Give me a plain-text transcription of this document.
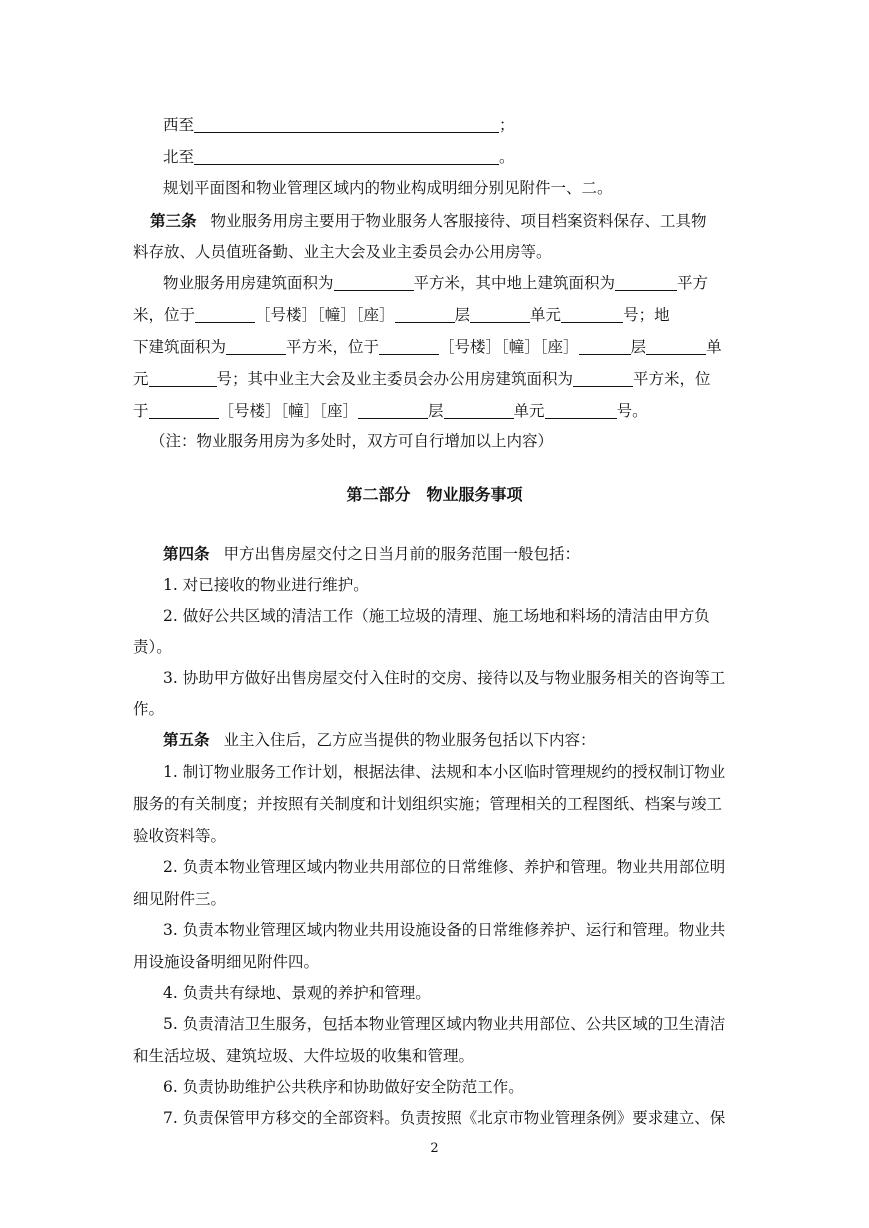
西至	；
北至	。
规划平面图和物业管理区域内的物业构成明细分别见附件一、二。
第三条 物业服务用房主要用于物业服务人客服接待、项目档案资料保存、工具物
料存放、人员值班备勤、业主大会及业主委员会办公用房等。
物业服务用房建筑面积为	平方米，其中地上建筑面积为	平方
米，位于	［号楼］［幢］［座］	层	单元	号；地
下建筑面积为	平方米，位于	［号楼］［幢］［座］	层	单
元	号；其中业主大会及业主委员会办公用房建筑面积为	平方米，位
于	［号楼］［幢］［座］	层	单元	号。
（注：物业服务用房为多处时，双方可自行增加以上内容）
第二部分　物业服务事项
第四条 甲方出售房屋交付之日当月前的服务范围一般包括：
1. 对已接收的物业进行维护。
2. 做好公共区域的清洁工作（施工垃圾的清理、施工场地和料场的清洁由甲方负
责）。
3. 协助甲方做好出售房屋交付入住时的交房、接待以及与物业服务相关的咨询等工
作。
第五条 业主入住后，乙方应当提供的物业服务包括以下内容：
1. 制订物业服务工作计划，根据法律、法规和本小区临时管理规约的授权制订物业
服务的有关制度；并按照有关制度和计划组织实施；管理相关的工程图纸、档案与竣工
验收资料等。
2. 负责本物业管理区域内物业共用部位的日常维修、养护和管理。物业共用部位明
细见附件三。
3. 负责本物业管理区域内物业共用设施设备的日常维修养护、运行和管理。物业共
用设施设备明细见附件四。
4. 负责共有绿地、景观的养护和管理。
5. 负责清洁卫生服务，包括本物业管理区域内物业共用部位、公共区域的卫生清洁
和生活垃圾、建筑垃圾、大件垃圾的收集和管理。
6. 负责协助维护公共秩序和协助做好安全防范工作。
7. 负责保管甲方移交的全部资料。负责按照《北京市物业管理条例》要求建立、保
2
